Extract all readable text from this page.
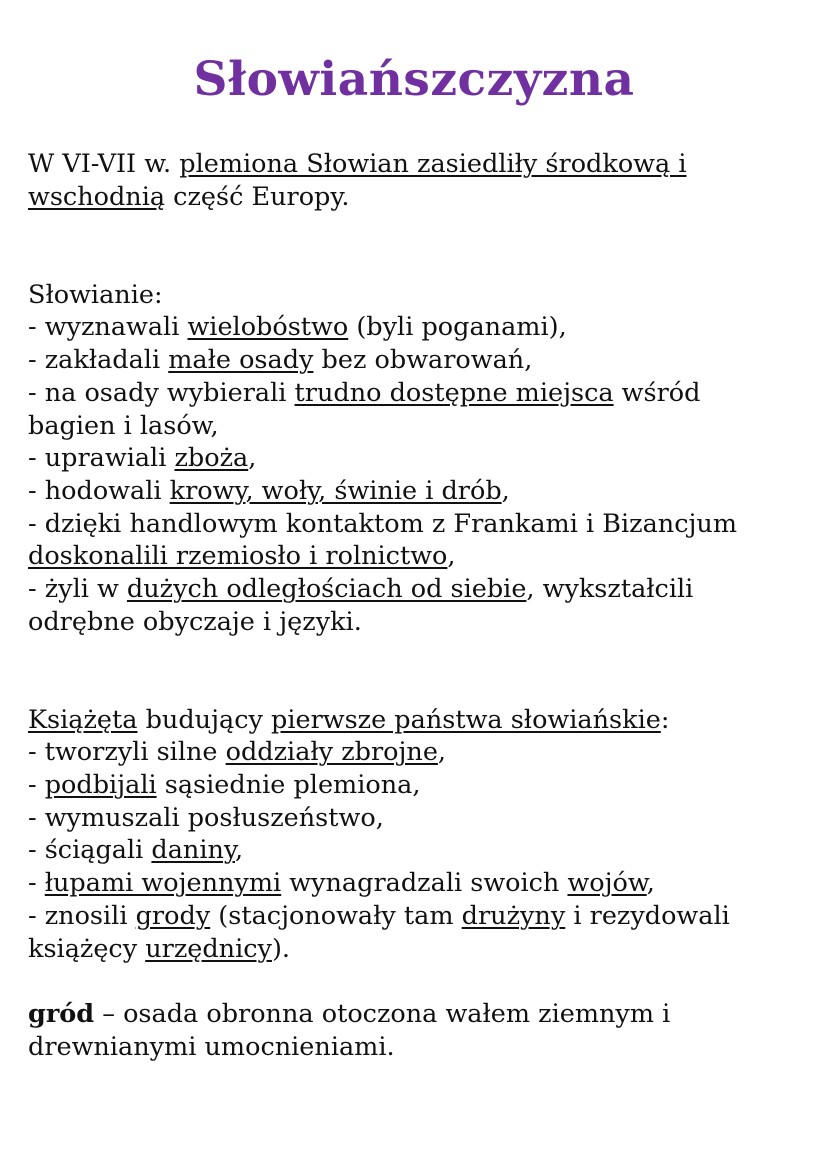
Słowiańszczyzna
W VI-VII w. plemiona Słowian zasiedliły środkową i
wschodnią część Europy.
Słowianie:
- wyznawali wielobóstwo (byli poganami),
- zakładali małe osady bez obwarowań,
- na osady wybierali trudno dostępne miejsca wśród
bagien i lasów,
- uprawiali zboża,
- hodowali krowy, woły, świnie i drób,
- dzięki handlowym kontaktom z Frankami i Bizancjum
doskonalili rzemiosło i rolnictwo,
- żyli w dużych odległościach od siebie, wykształcili
odrębne obyczaje i języki.
Książęta budujący pierwsze państwa słowiańskie:
- tworzyli silne oddziały zbrojne,
- podbijali sąsiednie plemiona,
- wymuszali posłuszeństwo,
- ściągali daniny,
- łupami wojennymi wynagradzali swoich wojów,
- znosili grody (stacjonowały tam drużyny i rezydowali
książęcy urzędnicy).
gród – osada obronna otoczona wałem ziemnym i
drewnianymi umocnieniami.
